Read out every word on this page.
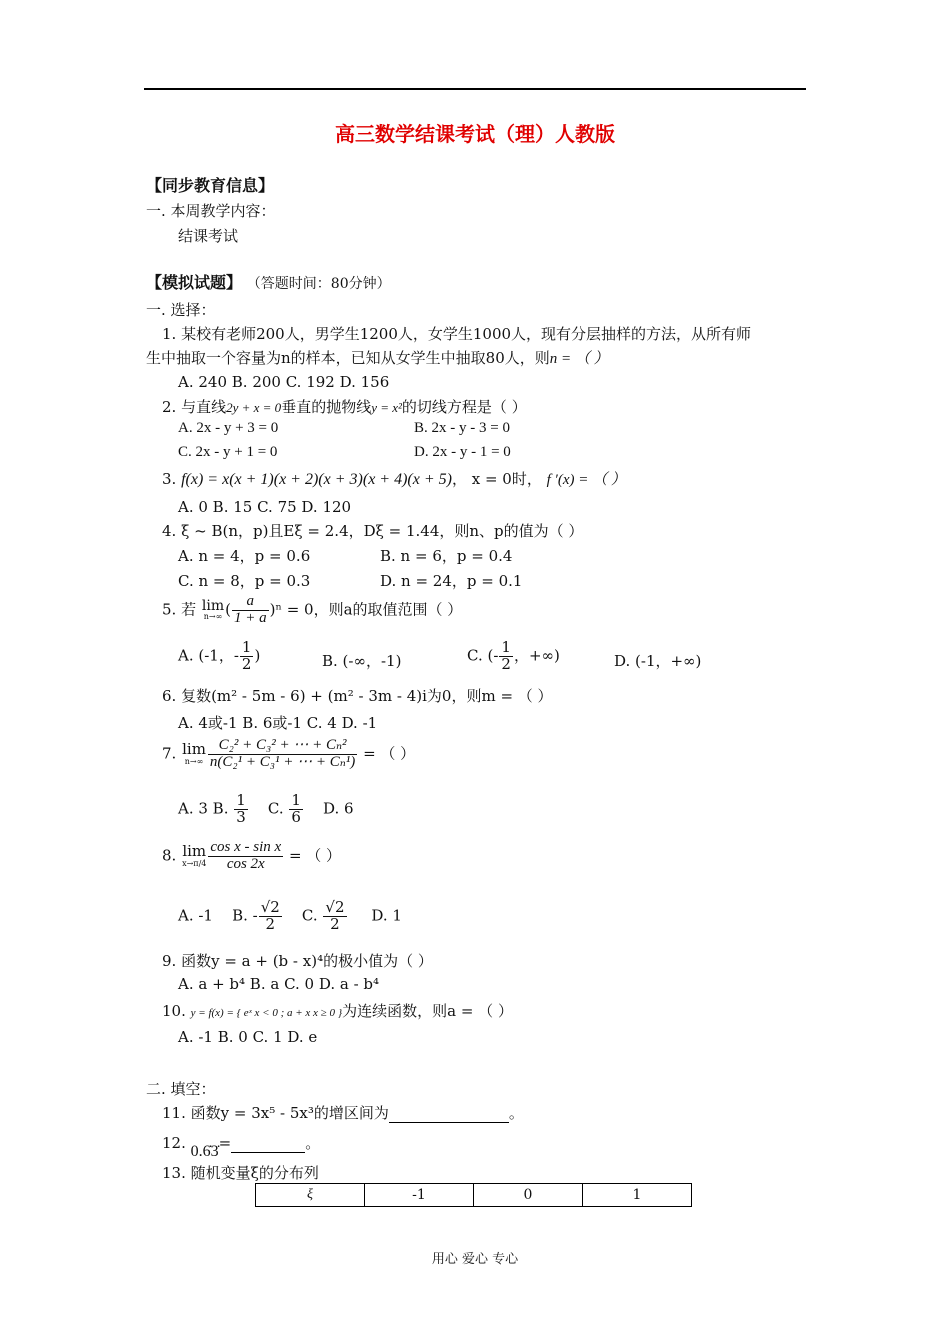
高三数学结课考试（理）人教版
【同步教育信息】
一. 本周教学内容：
结课考试
【模拟试题】 （答题时间：80分钟）
一. 选择：
1. 某校有老师200人，男学生1200人，女学生1000人，现有分层抽样的方法，从所有师
生中抽取一个容量为n的样本，已知从女学生中抽取80人，则n = （ ）
A. 240 B. 200 C. 192 D. 156
2. 与直线2y + x = 0垂直的抛物线y = x²的切线方程是（ ）
A. 2x - y + 3 = 0	B. 2x - y - 3 = 0
C. 2x - y + 1 = 0	D. 2x - y - 1 = 0
3. f(x) = x(x + 1)(x + 2)(x + 3)(x + 4)(x + 5)， x = 0时， f ′(x) = （ ）
A. 0 B. 15 C. 75 D. 120
4. ξ ~ B(n，p)且Eξ = 2.4，Dξ = 1.44，则n、p的值为（ ）
A. n = 4，p = 0.6	B. n = 6，p = 0.4
C. n = 8，p = 0.3	D. n = 24，p = 0.1
5. 若 lim
n→∞ ( $\frac{a}{1 + a} )^n = 0$，则a的取值范围（ ）
A. (-1，- $\frac{1}{2}$ )	B. (-∞，-1)	C. (- $\frac{1}{2}$ ，+∞)	D. (-1，+∞)
6. 复数(m² - 5m - 6) + (m² - 3m - 4)i为0，则m = （ ）
A. 4或-1 B. 6或-1 C. 4 D. -1
7. lim
$n\to\infty \frac{\text{C₂² + C₃² + ⋯ + Cₙ²}}{\text{n(C₂¹ + C₃¹ + ⋯ + Cₙ¹)}}$ = （ ）
A. 3 B. $\frac{1}{3} C$. $\frac{1}{6} D$. 6
8. lim
$x\to\pi/4 \frac{\text{cos x - sin x}}{\cos 2x}$ = （ ）
A. -1 B. - $\frac{√2}{2} C$. $\frac{√2}{2} D$. 1
9. 函数y = a + (b - x)⁴的极小值为（ ）
A. a + b⁴ B. a C. 0 D. a - b⁴
10. y = f(x) = { eˣ x < 0 ; a + x x ≥ 0 }为连续函数，则a = （ ）
A. -1 B. 0 C. 1 D. e
二. 填空：
11. 函数y = 3x⁵ - 5x³的增区间为	。
12. 0.6̇3̇=	。
13. 随机变量ξ的分布列
ξ	-1	0	1
用心 爱心 专心
